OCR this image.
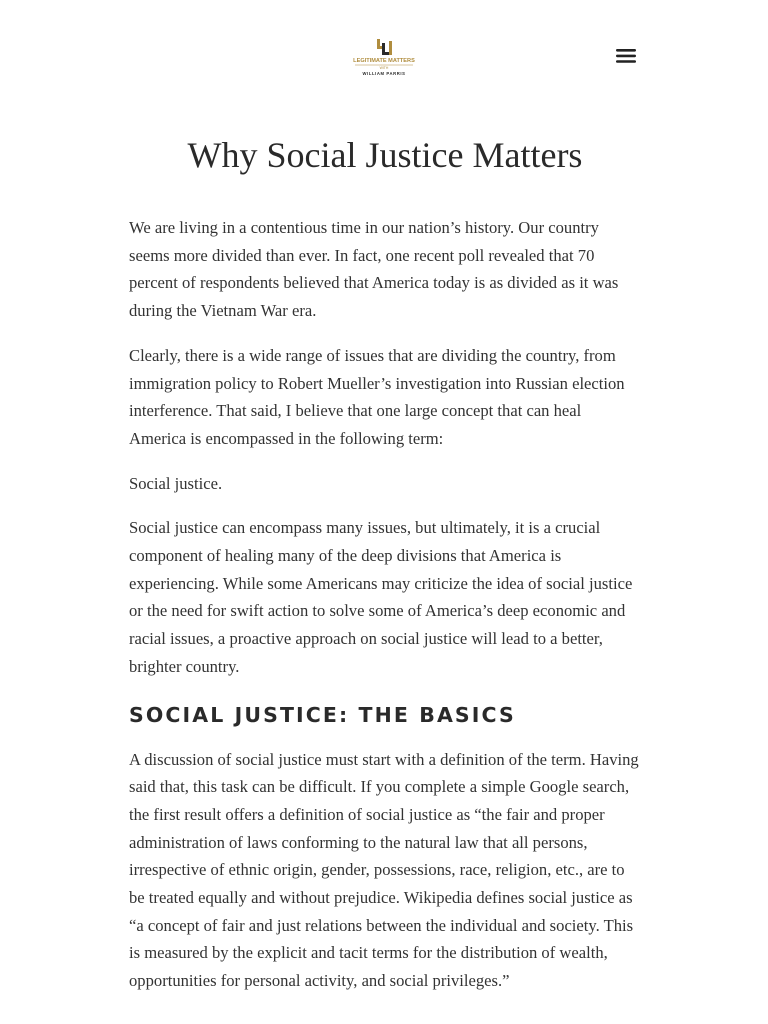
LEGITIMATE MATTERS
WITH
WILLIAM PARRIS
Why Social Justice Matters

We are living in a contentious time in our nation’s history. Our country seems more divided than ever. In fact, one recent poll revealed that 70 percent of respondents believed that America today is as divided as it was during the Vietnam War era.

Clearly, there is a wide range of issues that are dividing the country, from immigration policy to Robert Mueller’s investigation into Russian election interference. That said, I believe that one large concept that can heal America is encompassed in the following term:

Social justice.

Social justice can encompass many issues, but ultimately, it is a crucial component of healing many of the deep divisions that America is experiencing. While some Americans may criticize the idea of social justice or the need for swift action to solve some of America’s deep economic and racial issues, a proactive approach on social justice will lead to a better, brighter country.

SOCIAL JUSTICE: THE BASICS

A discussion of social justice must start with a definition of the term. Having said that, this task can be difficult. If you complete a simple Google search, the first result offers a definition of social justice as “the fair and proper administration of laws conforming to the natural law that all persons, irrespective of ethnic origin, gender, possessions, race, religion, etc., are to be treated equally and without prejudice. Wikipedia defines social justice as “a concept of fair and just relations between the individual and society. This is measured by the explicit and tacit terms for the distribution of wealth, opportunities for personal activity, and social privileges.”
